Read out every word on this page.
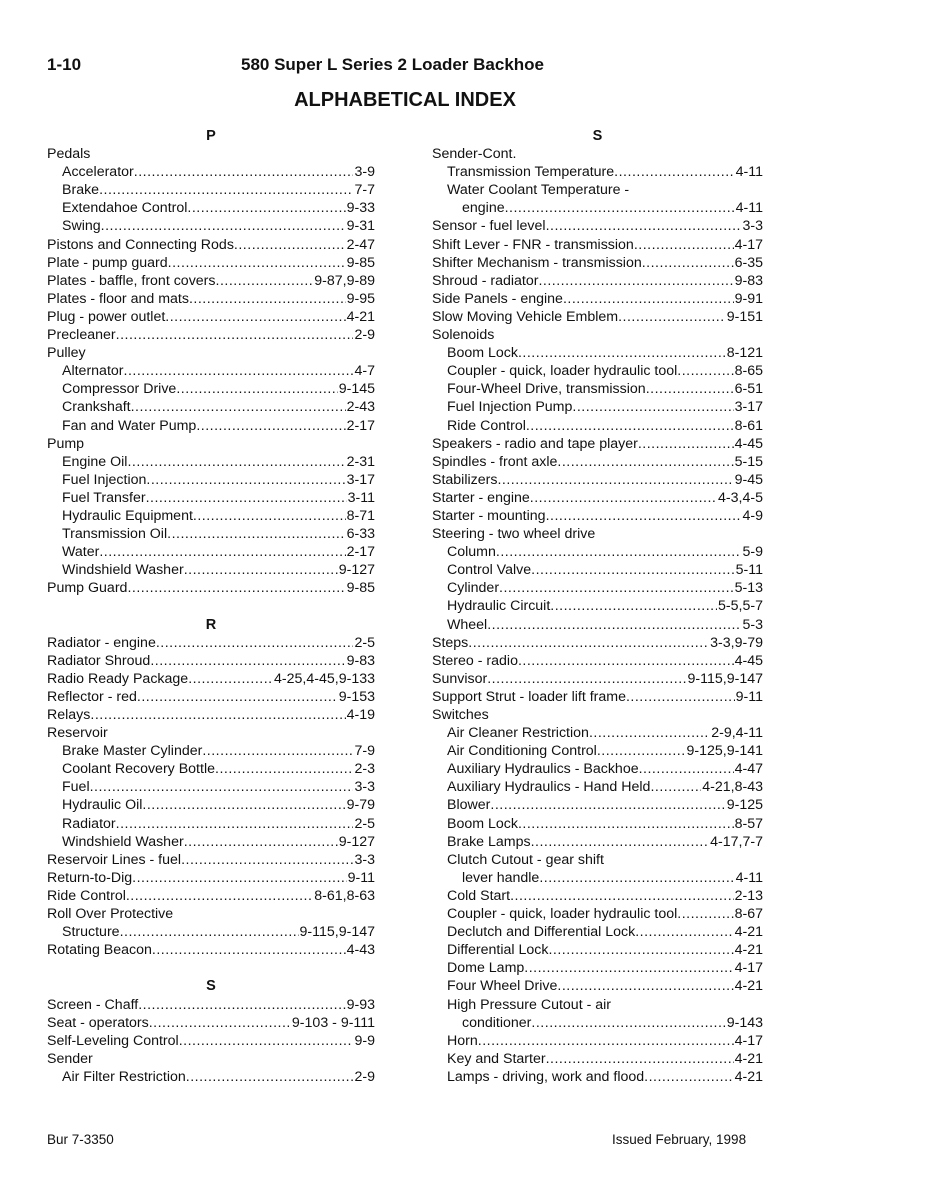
1-10	580 Super L Series 2 Loader Backhoe
ALPHABETICAL INDEX
P
Pedals
Accelerator .....	3-9
Brake .....	7-7
Extendahoe Control .....	9-33
Swing .....	9-31
Pistons and Connecting Rods .....	2-47
Plate - pump guard .....	9-85
Plates - baffle, front covers .....	9-87,9-89
Plates - floor and mats .....	9-95
Plug - power outlet .....	4-21
Precleaner .....	2-9
Pulley
Alternator .....	4-7
Compressor Drive .....	9-145
Crankshaft .....	2-43
Fan and Water Pump .....	2-17
Pump
Engine Oil .....	2-31
Fuel Injection .....	3-17
Fuel Transfer .....	3-11
Hydraulic Equipment .....	8-71
Transmission Oil .....	6-33
Water .....	2-17
Windshield Washer .....	9-127
Pump Guard .....	9-85
R
Radiator - engine .....	2-5
Radiator Shroud .....	9-83
Radio Ready Package .....	4-25,4-45,9-133
Reflector - red .....	9-153
Relays .....	4-19
Reservoir
Brake Master Cylinder .....	7-9
Coolant Recovery Bottle .....	2-3
Fuel .....	3-3
Hydraulic Oil .....	9-79
Radiator .....	2-5
Windshield Washer .....	9-127
Reservoir Lines - fuel .....	3-3
Return-to-Dig .....	9-11
Ride Control .....	8-61,8-63
Roll Over Protective
Structure .....	9-115,9-147
Rotating Beacon .....	4-43
S
Screen - Chaff .....	9-93
Seat - operators .....	9-103 - 9-111
Self-Leveling Control .....	9-9
Sender
Air Filter Restriction .....	2-9
S
Sender-Cont.
Transmission Temperature .....	4-11
Water Coolant Temperature -
engine .....	4-11
Sensor - fuel level .....	3-3
Shift Lever - FNR - transmission .....	4-17
Shifter Mechanism - transmission .....	6-35
Shroud - radiator .....	9-83
Side Panels - engine .....	9-91
Slow Moving Vehicle Emblem .....	9-151
Solenoids
Boom Lock .....	8-121
Coupler - quick, loader hydraulic tool .....	8-65
Four-Wheel Drive, transmission .....	6-51
Fuel Injection Pump .....	3-17
Ride Control .....	8-61
Speakers - radio and tape player .....	4-45
Spindles - front axle .....	5-15
Stabilizers .....	9-45
Starter - engine .....	4-3,4-5
Starter - mounting .....	4-9
Steering - two wheel drive
Column .....	5-9
Control Valve .....	5-11
Cylinder .....	5-13
Hydraulic Circuit .....	5-5,5-7
Wheel .....	5-3
Steps .....	3-3,9-79
Stereo - radio .....	4-45
Sunvisor .....	9-115,9-147
Support Strut - loader lift frame .....	9-11
Switches
Air Cleaner Restriction .....	2-9,4-11
Air Conditioning Control .....	9-125,9-141
Auxiliary Hydraulics - Backhoe .....	4-47
Auxiliary Hydraulics - Hand Held .....	4-21,8-43
Blower .....	9-125
Boom Lock .....	8-57
Brake Lamps .....	4-17,7-7
Clutch Cutout - gear shift
lever handle .....	4-11
Cold Start .....	2-13
Coupler - quick, loader hydraulic tool .....	8-67
Declutch and Differential Lock .....	4-21
Differential Lock .....	4-21
Dome Lamp .....	4-17
Four Wheel Drive .....	4-21
High Pressure Cutout - air
conditioner .....	9-143
Horn .....	4-17
Key and Starter .....	4-21
Lamps - driving, work and flood .....	4-21
Bur 7-3350	Issued February, 1998
